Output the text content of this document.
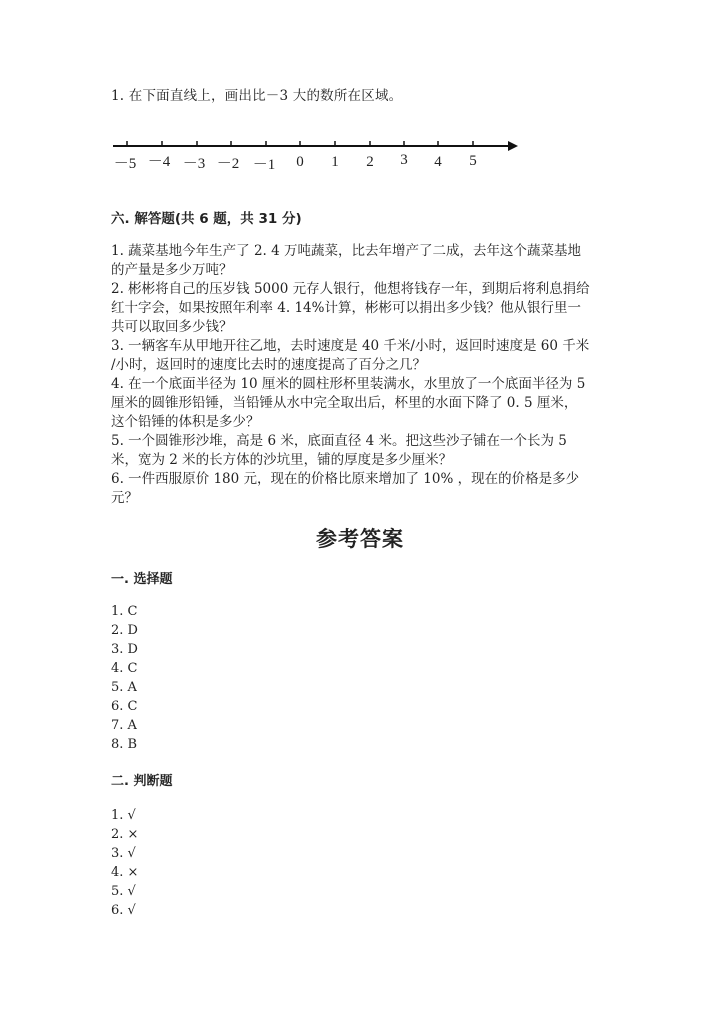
1. 在下面直线上，画出比－3 大的数所在区域。
－5 －4 －3 －2 －1 0 1 2 3 4 5
六. 解答题(共 6 题，共 31 分)
1. 蔬菜基地今年生产了 2. 4 万吨蔬菜，比去年增产了二成，去年这个蔬菜基地
的产量是多少万吨？
2. 彬彬将自己的压岁钱 5000 元存人银行，他想将钱存一年，到期后将利息捐给
红十字会，如果按照年利率 4. 14%计算，彬彬可以捐出多少钱？他从银行里一
共可以取回多少钱？
3. 一辆客车从甲地开往乙地，去时速度是 40 千米/小时，返回时速度是 60 千米
/小时，返回时的速度比去时的速度提高了百分之几？
4. 在一个底面半径为 10 厘米的圆柱形杯里装满水，水里放了一个底面半径为 5
厘米的圆锥形铅锤，当铅锤从水中完全取出后，杯里的水面下降了 0. 5 厘米，
这个铅锤的体积是多少？
5. 一个圆锥形沙堆，高是 6 米，底面直径 4 米。把这些沙子铺在一个长为 5
米，宽为 2 米的长方体的沙坑里，铺的厚度是多少厘米？
6. 一件西服原价 180 元，现在的价格比原来增加了 10% ，现在的价格是多少
元？
参考答案
一. 选择题
1. C
2. D
3. D
4. C
5. A
6. C
7. A
8. B
二. 判断题
1. √
2. ×
3. √
4. ×
5. √
6. √
